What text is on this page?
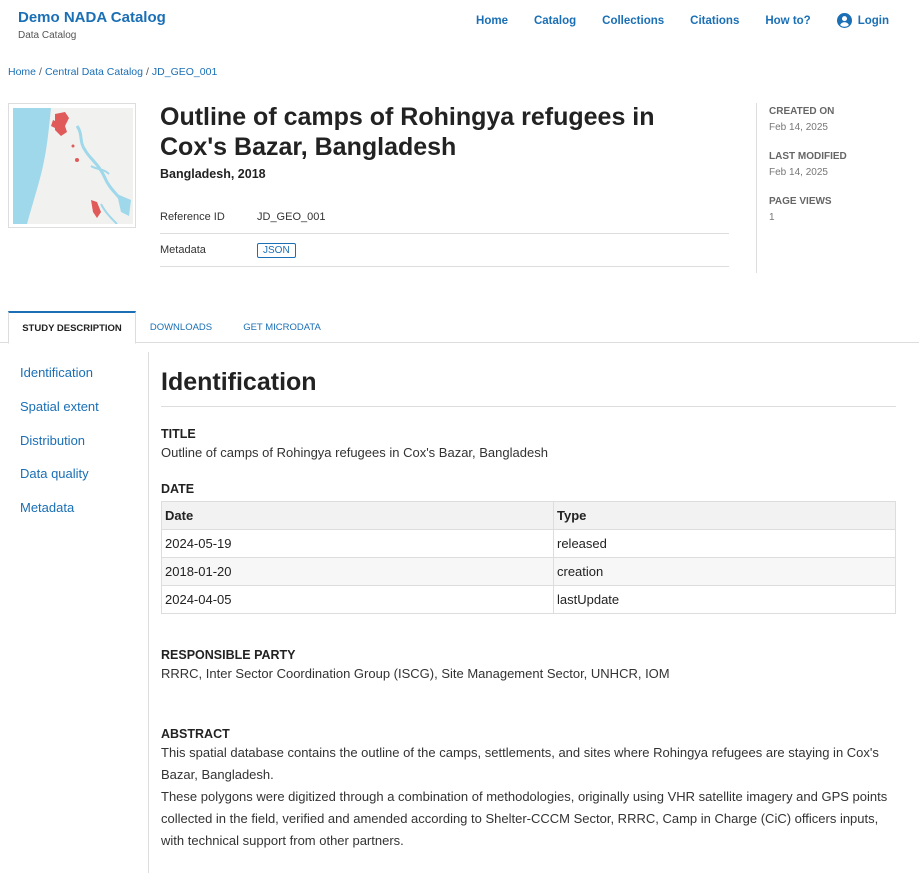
Demo NADA Catalog
Data Catalog
Home Catalog Collections Citations How to?	Login
Home / Central Data Catalog / JD_GEO_001
Outline of camps of Rohingya refugees in Cox's Bazar, Bangladesh
Bangladesh, 2018
Reference ID	JD_GEO_001
Metadata	JSON
CREATED ON
Feb 14, 2025
LAST MODIFIED
Feb 14, 2025
PAGE VIEWS
1
STUDY DESCRIPTION	DOWNLOADS	GET MICRODATA
Identification
Spatial extent
Distribution
Data quality
Metadata
Identification
TITLE
Outline of camps of Rohingya refugees in Cox's Bazar, Bangladesh
DATE
Date	Type
2024-05-19	released
2018-01-20	creation
2024-04-05	lastUpdate
RESPONSIBLE PARTY
RRRC, Inter Sector Coordination Group (ISCG), Site Management Sector, UNHCR, IOM
ABSTRACT
This spatial database contains the outline of the camps, settlements, and sites where Rohingya refugees are staying in Cox's Bazar, Bangladesh.
These polygons were digitized through a combination of methodologies, originally using VHR satellite imagery and GPS points collected in the field, verified and amended according to Shelter-CCCM Sector, RRRC, Camp in Charge (CiC) officers inputs, with technical support from other partners.
